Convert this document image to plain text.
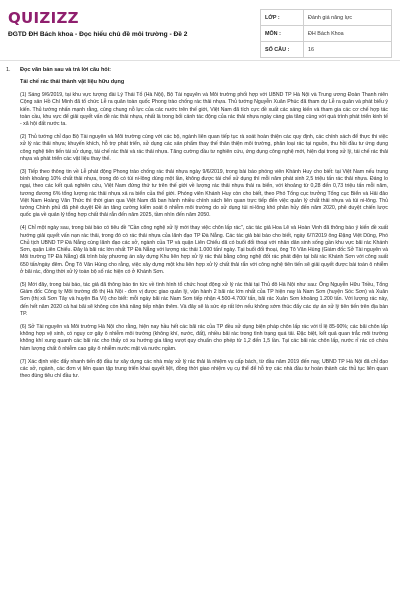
QUIZIZZ
ĐGTD ĐH Bách khoa - Đọc hiểu chủ đề môi trường - Đề 2
LỚP :	Đánh giá năng lực
MÔN :	ĐH Bách Khoa
SỐ CÂU :	16
1. Đọc văn bản sau và trả lời câu hỏi:
Tái chế rác thải thành vật liệu hữu dụng

(1) Sáng 9/6/2019, tại khu vực tượng đài Lý Thái Tổ (Hà Nội), Bộ Tài nguyên và Môi trường phối hợp với UBND TP Hà Nội và Trung ương Đoàn Thanh niên Cộng sản Hồ Chí Minh đã tổ chức Lễ ra quân toàn quốc Phong trào chống rác thải nhựa. Thủ tướng Nguyễn Xuân Phúc đã tham dự Lễ ra quân và phát biểu ý kiến. Thủ tướng nhấn mạnh rằng, cùng chung nỗ lực của các nước trên thế giới, Việt Nam đã tích cực đề xuất các sáng kiến và tham gia các cơ chế hợp tác toàn cầu, khu vực để giải quyết vấn đề rác thải nhựa, nhất là trong bối cảnh tác động của rác thải nhựa ngày càng gia tăng cùng với quá trình phát triển kinh tế - xã hội đất nước ta.

(2) Thủ tướng chỉ đạo Bộ Tài nguyên và Môi trường cùng với các bộ, ngành liên quan tiếp tục rà soát hoàn thiện các quy định, các chính sách để thực thi việc xử lý rác thải nhựa; khuyến khích, hỗ trợ phát triển, sử dụng các sản phẩm thay thế thân thiện môi trường, phân loại rác tại nguồn, thu hồi đầu tư ứng dụng công nghệ tiên tiến tái sử dụng, tái chế rác thải và rác thải nhựa. Tăng cường đầu tư nghiên cứu, ứng dụng công nghệ mới, hiện đại trong xử lý, tái chế rác thải nhựa và phát triển các vật liệu thay thế.

(3) Tiếp theo thông tin về Lễ phát động Phong trào chống rác thải nhựa ngày 9/6/2019, trong bài báo phóng viên Khánh Huy cho biết: tại Việt Nam nếu trung bình khoảng 10% chất thải nhựa, trong đó có túi ni-lông dùng một lần, không được tái chế sử dụng thì mỗi năm phát sinh 2,5 triệu tấn rác thải nhựa. Đáng lo ngại, theo các kết quả nghiên cứu, Việt Nam đứng thứ tư trên thế giới về lượng rác thải nhựa thải ra biển, với khoảng từ 0,28 đến 0,73 triệu tấn mỗi năm, tương đương 6% tổng lượng rác thải nhựa xả ra biển của thế giới. Phóng viên Khánh Huy còn cho biết, theo Phó Tổng cục trưởng Tổng cục Biển và Hải đảo Việt Nam Hoàng Văn Thức thì thời gian qua Việt Nam đã ban hành nhiều chính sách liên quan trực tiếp đến việc quản lý chất thải nhựa và túi ni-lông. Thủ tướng Chính phủ đã phê duyệt Đề án tăng cường kiểm soát ô nhiễm môi trường do sử dụng túi ni-lông khó phân hủy đến năm 2020, phê duyệt chiến lược quốc gia về quản lý tổng hợp chất thải rắn đến năm 2025, tầm nhìn đến năm 2050.

(4) Chỉ một ngày sau, trong bài báo có tiêu đề "Cần công nghệ xử lý mới thay việc chôn lấp rác", các tác giả Hoa Lê và Hoàn Vinh đã thông báo ý kiến đề xuất hướng giải quyết vấn nạn rác thải, trong đó có rác thải nhựa của lãnh đạo TP Đà Nẵng. Các tác giả bài báo cho biết, ngày 6/7/2019 ông Đặng Việt Dũng, Phó Chủ tịch UBND TP Đà Nẵng cùng lãnh đạo các sở, ngành của TP và quận Liên Chiểu đã có buổi đối thoại với nhân dân sinh sống gần khu vực bãi rác Khánh Sơn, quận Liên Chiểu. Đây là bãi rác lớn nhất TP Đà Nẵng với lượng rác thải 1.000 tấn/ ngày. Tại buổi đối thoại, ông Tô Văn Hùng (Giám đốc Sở Tài nguyên và Môi trường TP Đà Nẵng) đã trình bày phương án xây dựng Khu liên hợp xử lý rác thải bằng công nghệ đốt rác phát điện tại bãi rác Khánh Sơn với công suất 650 tấn/ngày đêm. Ông Tô Văn Hùng cho rằng, việc xây dựng một khu liên hợp xử lý chất thải rắn với công nghệ tiên tiến sẽ giải quyết được bài toán ô nhiễm ở bãi rác, đồng thời xử lý toàn bộ số rác hiện có ở Khánh Sơn.

(5) Mới đây, trong bài báo, tác giả đã thông báo tin tức về tình hình tổ chức hoạt động xử lý rác thải tại Thủ đô Hà Nội như sau: Ông Nguyễn Hữu Triều, Tổng Giám đốc Công ty Môi trường đô thị Hà Nội - đơn vị được giao quản lý, vận hành 2 bãi rác lớn nhất của TP hiện nay là Nam Sơn (huyện Sóc Sơn) và Xuân Sơn (thị xã Sơn Tây và huyện Ba Vì) cho biết: mỗi ngày bãi rác Nam Sơn tiếp nhận 4.500-4.700/ tấn, bãi rác Xuân Sơn khoảng 1.200 tấn. Với lượng rác này, đến hết năm 2020 cả hai bãi sẽ không còn khả năng tiếp nhận thêm. Và đây sẽ là sức ép rất lớn nếu không sớm thúc đẩy các dự án xử lý tiên tiến trên địa bàn TP.

(6) Sở Tài nguyên và Môi trường Hà Nội cho rằng, hiện nay hầu hết các bãi rác của TP đều sử dụng biện pháp chôn lấp rác với tỉ lệ 85-90%; các bãi chôn lấp không hợp vệ sinh, có nguy cơ gây ô nhiễm môi trường (không khí, nước, đất), nhiều bãi rác trong tình trạng quá tải. Đặc biệt, kết quả quan trắc môi trường không khí xung quanh các bãi rác cho thấy có xu hướng gia tăng vượt quy chuẩn cho phép từ 1,2 đến 1,5 lần. Tại các bãi rác chôn lấp, nước rỉ rác có chứa hàm lượng chất ô nhiễm cao gây ô nhiễm nước mặt và nước ngầm.

(7) Xác định việc đẩy nhanh tiến độ đầu tư xây dựng các nhà máy xử lý rác thải là nhiệm vụ cấp bách, từ đầu năm 2019 đến nay, UBND TP Hà Nội đã chỉ đạo các sở, ngành, các đơn vị liên quan tập trung triển khai quyết liệt, đồng thời giao nhiệm vụ cụ thể để hỗ trợ các nhà đầu tư hoàn thành các thủ tục liên quan theo đúng tiêu chí đầu tư.
